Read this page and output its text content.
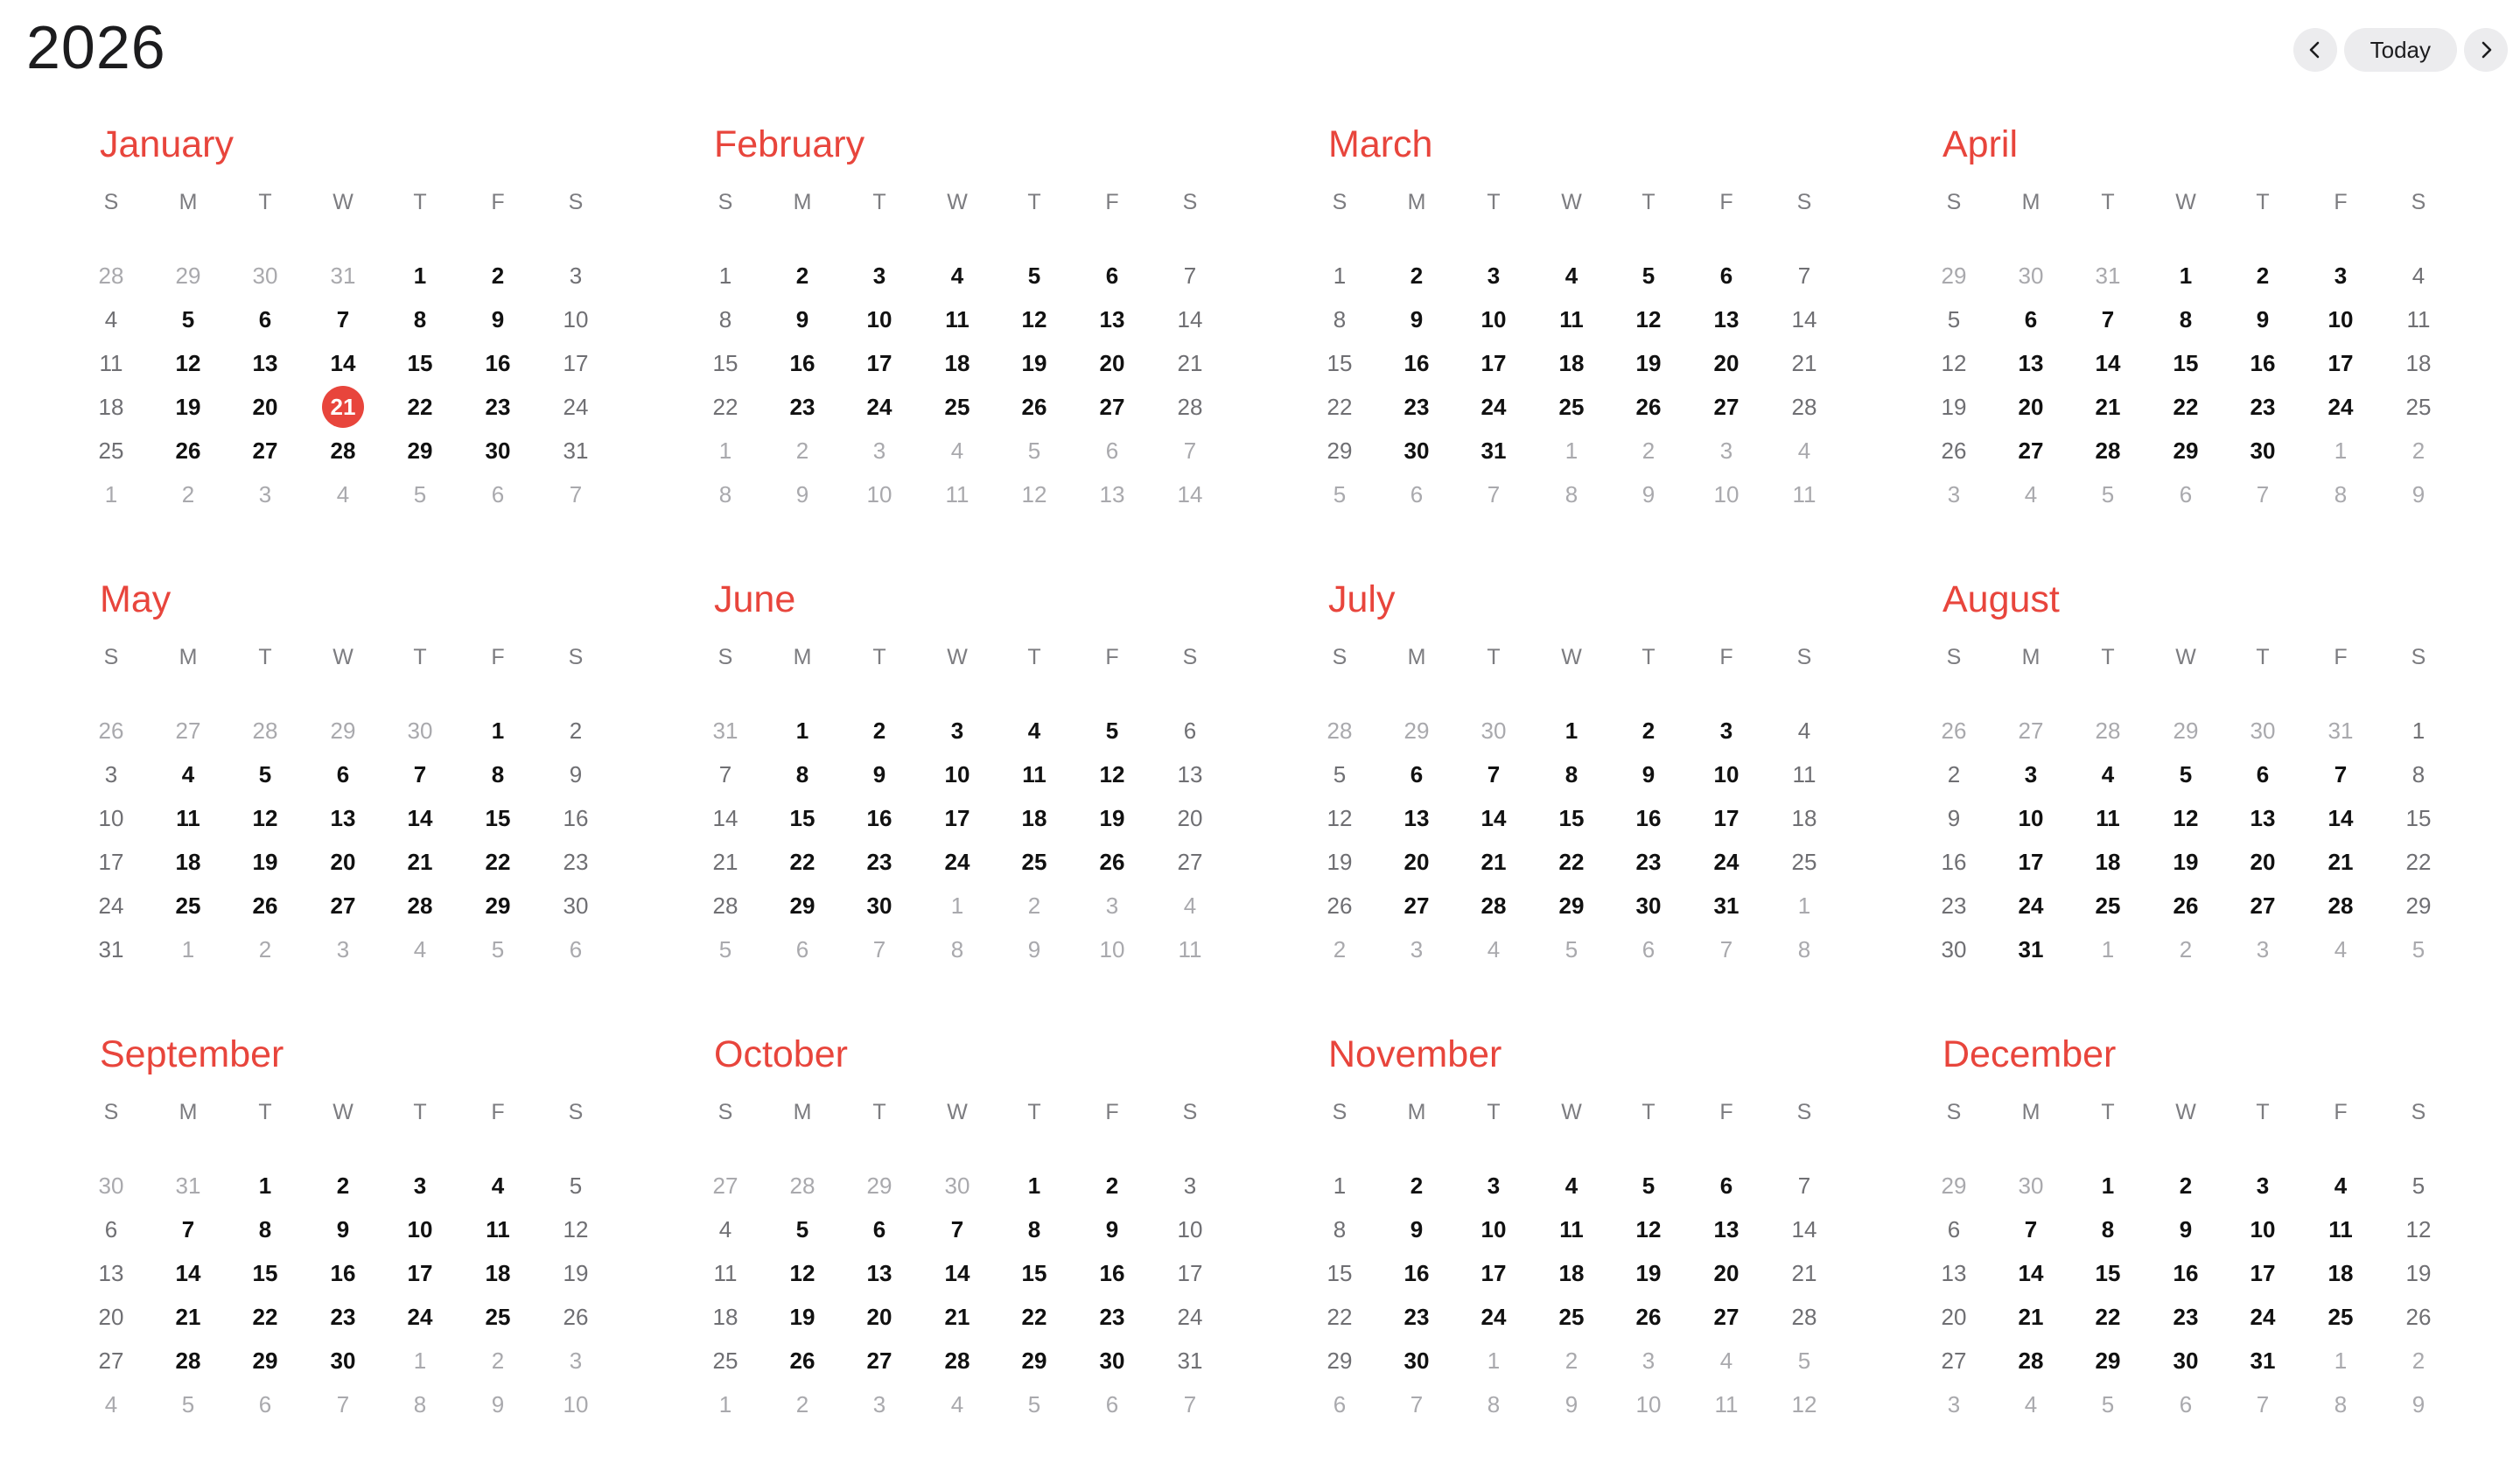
2026	Today
January
S	M	T	W	T	F	S
28	29	30	31	1	2	3
4	5	6	7	8	9	10
11	12	13	14	15	16	17
18	19	20	21	22	23	24
25	26	27	28	29	30	31
1	2	3	4	5	6	7
February
S	M	T	W	T	F	S
1	2	3	4	5	6	7
8	9	10	11	12	13	14
15	16	17	18	19	20	21
22	23	24	25	26	27	28
1	2	3	4	5	6	7
8	9	10	11	12	13	14
March
S	M	T	W	T	F	S
1	2	3	4	5	6	7
8	9	10	11	12	13	14
15	16	17	18	19	20	21
22	23	24	25	26	27	28
29	30	31	1	2	3	4
5	6	7	8	9	10	11
April
S	M	T	W	T	F	S
29	30	31	1	2	3	4
5	6	7	8	9	10	11
12	13	14	15	16	17	18
19	20	21	22	23	24	25
26	27	28	29	30	1	2
3	4	5	6	7	8	9
May
S	M	T	W	T	F	S
26	27	28	29	30	1	2
3	4	5	6	7	8	9
10	11	12	13	14	15	16
17	18	19	20	21	22	23
24	25	26	27	28	29	30
31	1	2	3	4	5	6
June
S	M	T	W	T	F	S
31	1	2	3	4	5	6
7	8	9	10	11	12	13
14	15	16	17	18	19	20
21	22	23	24	25	26	27
28	29	30	1	2	3	4
5	6	7	8	9	10	11
July
S	M	T	W	T	F	S
28	29	30	1	2	3	4
5	6	7	8	9	10	11
12	13	14	15	16	17	18
19	20	21	22	23	24	25
26	27	28	29	30	31	1
2	3	4	5	6	7	8
August
S	M	T	W	T	F	S
26	27	28	29	30	31	1
2	3	4	5	6	7	8
9	10	11	12	13	14	15
16	17	18	19	20	21	22
23	24	25	26	27	28	29
30	31	1	2	3	4	5
September
S	M	T	W	T	F	S
30	31	1	2	3	4	5
6	7	8	9	10	11	12
13	14	15	16	17	18	19
20	21	22	23	24	25	26
27	28	29	30	1	2	3
4	5	6	7	8	9	10
October
S	M	T	W	T	F	S
27	28	29	30	1	2	3
4	5	6	7	8	9	10
11	12	13	14	15	16	17
18	19	20	21	22	23	24
25	26	27	28	29	30	31
1	2	3	4	5	6	7
November
S	M	T	W	T	F	S
1	2	3	4	5	6	7
8	9	10	11	12	13	14
15	16	17	18	19	20	21
22	23	24	25	26	27	28
29	30	1	2	3	4	5
6	7	8	9	10	11	12
December
S	M	T	W	T	F	S
29	30	1	2	3	4	5
6	7	8	9	10	11	12
13	14	15	16	17	18	19
20	21	22	23	24	25	26
27	28	29	30	31	1	2
3	4	5	6	7	8	9
